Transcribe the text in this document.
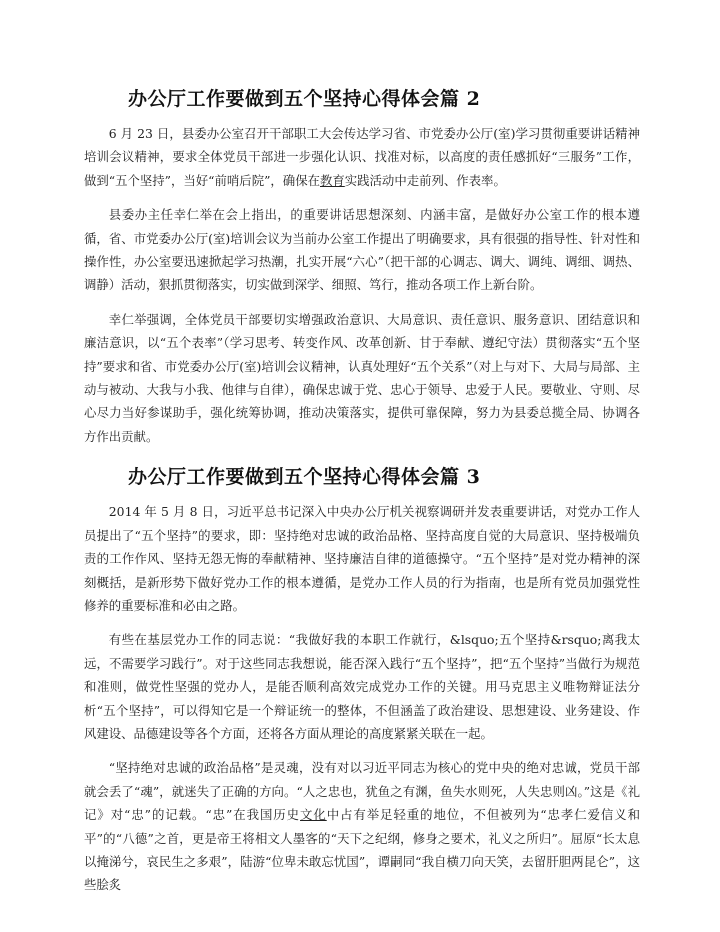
办公厅工作要做到五个坚持心得体会篇 2

6 月 23 日，县委办公室召开干部职工大会传达学习省、市党委办公厅(室)学习贯彻重要讲话精神培训会议精神，要求全体党员干部进一步强化认识、找准对标，以高度的责任感抓好“三服务”工作，做到“五个坚持”，当好“前哨后院”，确保在教育实践活动中走前列、作表率。

县委办主任幸仁举在会上指出，的重要讲话思想深刻、内涵丰富，是做好办公室工作的根本遵循，省、市党委办公厅(室)培训会议为当前办公室工作提出了明确要求，具有很强的指导性、针对性和操作性，办公室要迅速掀起学习热潮，扎实开展“六心”（把干部的心调志、调大、调纯、调细、调热、调静）活动，狠抓贯彻落实，切实做到深学、细照、笃行，推动各项工作上新台阶。

幸仁举强调，全体党员干部要切实增强政治意识、大局意识、责任意识、服务意识、团结意识和廉洁意识，以“五个表率”（学习思考、转变作风、改革创新、甘于奉献、遵纪守法）贯彻落实“五个坚持”要求和省、市党委办公厅(室)培训会议精神，认真处理好“五个关系”（对上与对下、大局与局部、主动与被动、大我与小我、他律与自律），确保忠诚于党、忠心于领导、忠爱于人民。要敬业、守则、尽心尽力当好参谋助手，强化统筹协调，推动决策落实，提供可靠保障，努力为县委总揽全局、协调各方作出贡献。

办公厅工作要做到五个坚持心得体会篇 3

2014 年 5 月 8 日，习近平总书记深入中央办公厅机关视察调研并发表重要讲话，对党办工作人员提出了“五个坚持”的要求，即：坚持绝对忠诚的政治品格、坚持高度自觉的大局意识、坚持极端负责的工作作风、坚持无怨无悔的奉献精神、坚持廉洁自律的道德操守。“五个坚持”是对党办精神的深刻概括，是新形势下做好党办工作的根本遵循，是党办工作人员的行为指南，也是所有党员加强党性修养的重要标准和必由之路。

有些在基层党办工作的同志说：“我做好我的本职工作就行，&lsquo;五个坚持&rsquo;离我太远，不需要学习践行”。对于这些同志我想说，能否深入践行“五个坚持”，把“五个坚持”当做行为规范和准则，做党性坚强的党办人，是能否顺利高效完成党办工作的关键。用马克思主义唯物辩证法分析“五个坚持”，可以得知它是一个辩证统一的整体，不但涵盖了政治建设、思想建设、业务建设、作风建设、品德建设等各个方面，还将各方面从理论的高度紧紧关联在一起。

“坚持绝对忠诚的政治品格”是灵魂，没有对以习近平同志为核心的党中央的绝对忠诚，党员干部就会丢了“魂”，就迷失了正确的方向。“人之忠也，犹鱼之有渊，鱼失水则死，人失忠则凶。”这是《礼记》对“忠”的记载。“忠”在我国历史文化中占有举足轻重的地位，不但被列为“忠孝仁爱信义和平”的“八德”之首，更是帝王将相文人墨客的“天下之纪纲，修身之要术，礼义之所归”。屈原“长太息以掩涕兮，哀民生之多艰”，陆游“位卑未敢忘忧国”，谭嗣同“我自横刀向天笑，去留肝胆两昆仑”，这些脍炙
